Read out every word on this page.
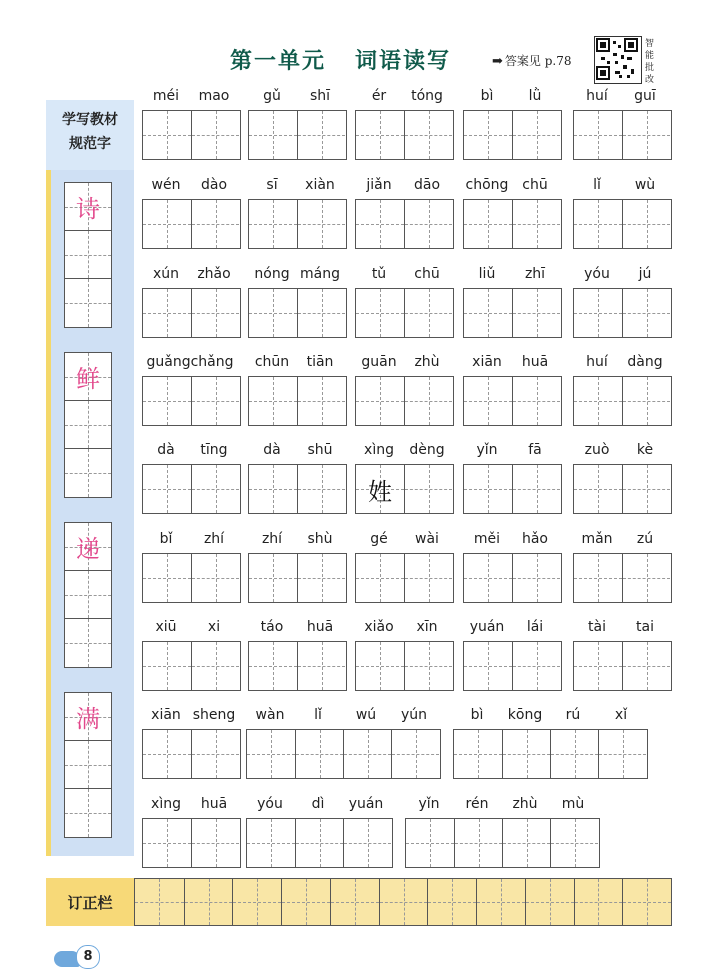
第一单元   词语读写	➡ 答案见 p.78
智能批改
学写教材
规范字
诗
鲜
递
满
méi	mao	gǔ	shī	ér	tóng	bì	lǜ	huí	guī
wén	dào	sī	xiàn	jiǎn	dāo	chōng chū	lǐ	wù
xún	zhǎo	nóng máng	tǔ	chū	liǔ	zhī	yóu	jú
guǎngchǎng	chūn	tiān	guān	zhù	xiān	huā	huí	dàng
dà	tīng	dà	shū
姓
xìng	dèng	yǐn	fā	zuò	kè
bǐ	zhí	zhí	shù	gé	wài	měi	hǎo	mǎn	zú
xiū	xi	táo	huā	xiǎo	xīn	yuán	lái	tài	tai
xiān sheng	wàn	lǐ	wú	yún	bì	kōng	rú	xǐ
xìng	huā	yóu	dì	yuán	yǐn	rén	zhù	mù
订正栏
8
